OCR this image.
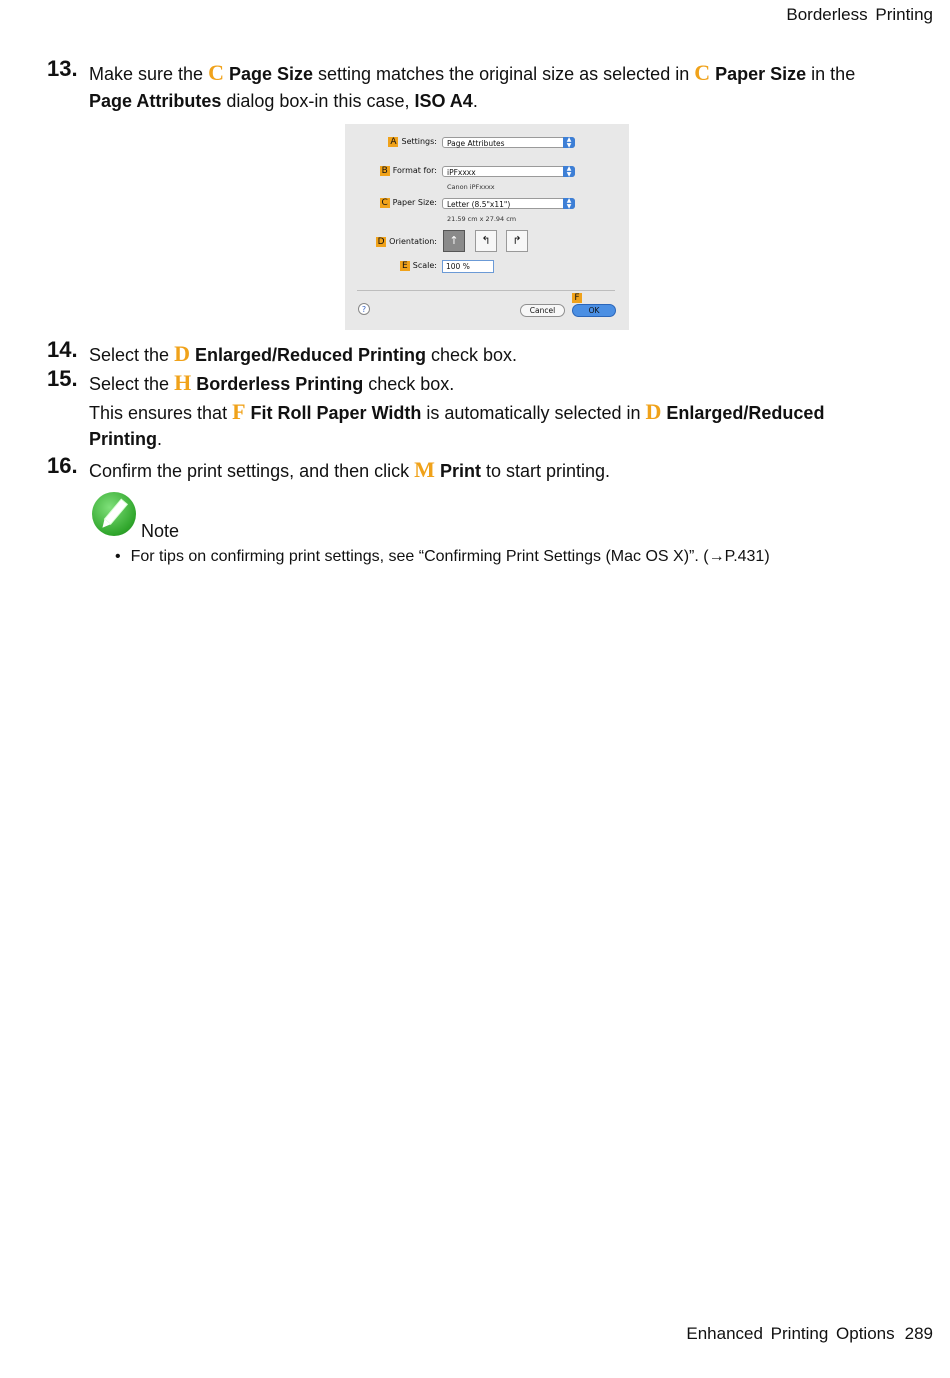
Borderless Printing
13. Make sure the C Page Size setting matches the original size as selected in C Paper Size in the
Page Attributes dialog box-in this case, ISO A4.
A Settings:	Page Attributes	▲
▼
B Format for:	iPFxxxx	▲
▼
Canon iPFxxxx
C Paper Size:	Letter (8.5"x11")	▲
▼
21.59 cm x 27.94 cm
D Orientation:	↑	↰	↱
E Scale:	100 %
?
F
Cancel	OK
14. Select the D Enlarged/Reduced Printing check box.
15. Select the H Borderless Printing check box.
This ensures that F Fit Roll Paper Width is automatically selected in D Enlarged/Reduced
Printing.
16. Confirm the print settings, and then click M Print to start printing.
Note
• For tips on confirming print settings, see “Confirming Print Settings (Mac OS X)”. (→P.431)
Enhanced Printing Options 289
